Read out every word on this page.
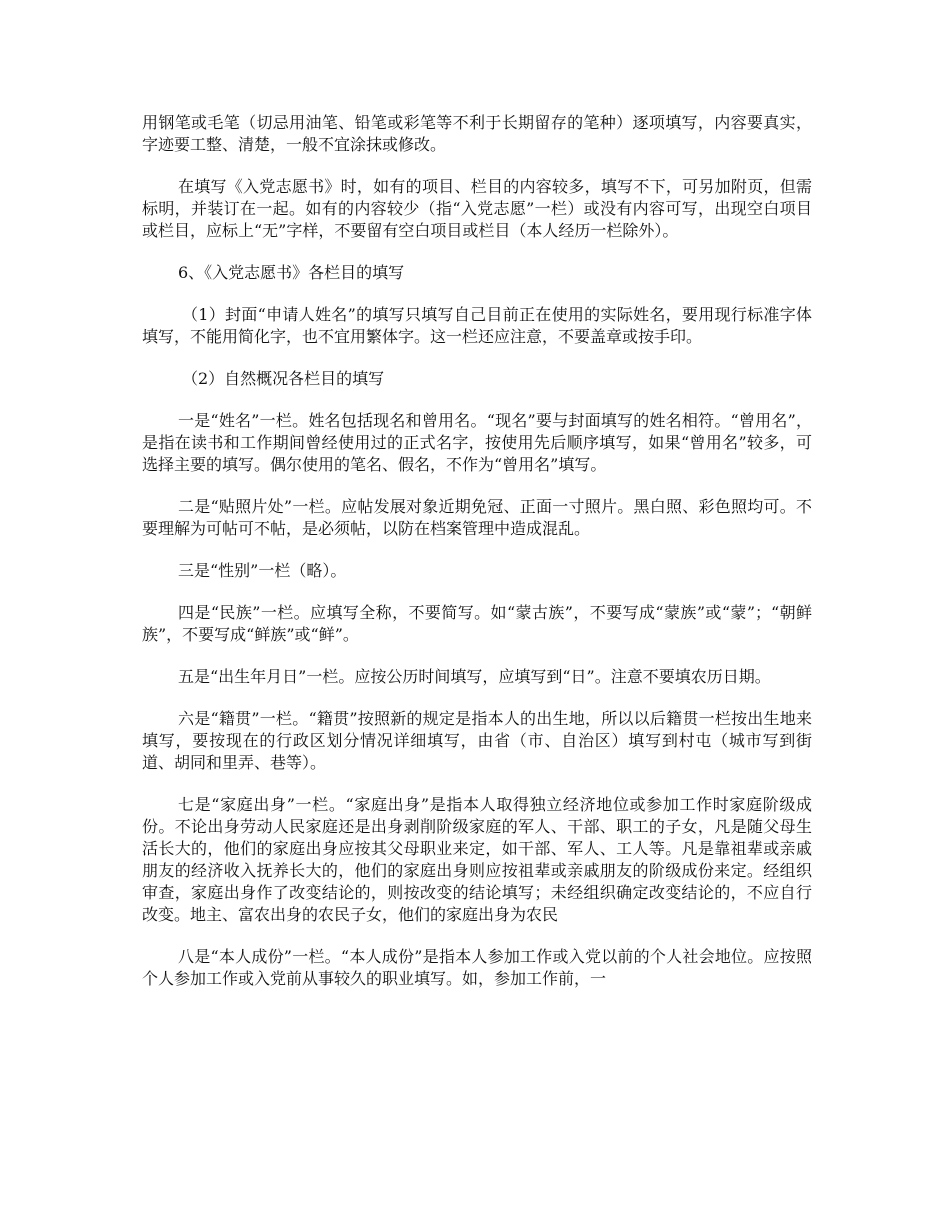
用钢笔或毛笔（切忌用油笔、铅笔或彩笔等不利于长期留存的笔种）逐项填写，内容要真实，字迹要工整、清楚，一般不宜涂抹或修改。

在填写《入党志愿书》时，如有的项目、栏目的内容较多，填写不下，可另加附页，但需标明，并装订在一起。如有的内容较少（指“入党志愿”一栏）或没有内容可写，出现空白项目或栏目，应标上“无”字样，不要留有空白项目或栏目（本人经历一栏除外）。

6、《入党志愿书》各栏目的填写

（1）封面“申请人姓名”的填写只填写自己目前正在使用的实际姓名，要用现行标准字体填写，不能用简化字，也不宜用繁体字。这一栏还应注意，不要盖章或按手印。

（2）自然概况各栏目的填写

一是“姓名”一栏。姓名包括现名和曾用名。“现名”要与封面填写的姓名相符。“曾用名”，是指在读书和工作期间曾经使用过的正式名字，按使用先后顺序填写，如果“曾用名”较多，可选择主要的填写。偶尔使用的笔名、假名，不作为“曾用名”填写。

二是“贴照片处”一栏。应帖发展对象近期免冠、正面一寸照片。黑白照、彩色照均可。不要理解为可帖可不帖，是必须帖，以防在档案管理中造成混乱。

三是“性别”一栏（略）。

四是“民族”一栏。应填写全称，不要简写。如“蒙古族”，不要写成“蒙族”或“蒙”；“朝鲜族”，不要写成“鲜族”或“鲜”。

五是“出生年月日”一栏。应按公历时间填写，应填写到“日”。注意不要填农历日期。

六是“籍贯”一栏。“籍贯”按照新的规定是指本人的出生地，所以以后籍贯一栏按出生地来填写，要按现在的行政区划分情况详细填写，由省（市、自治区）填写到村屯（城市写到街道、胡同和里弄、巷等）。

七是“家庭出身”一栏。“家庭出身”是指本人取得独立经济地位或参加工作时家庭阶级成份。不论出身劳动人民家庭还是出身剥削阶级家庭的军人、干部、职工的子女，凡是随父母生活长大的，他们的家庭出身应按其父母职业来定，如干部、军人、工人等。凡是靠祖辈或亲戚朋友的经济收入抚养长大的，他们的家庭出身则应按祖辈或亲戚朋友的阶级成份来定。经组织审查，家庭出身作了改变结论的，则按改变的结论填写；未经组织确定改变结论的，不应自行改变。地主、富农出身的农民子女，他们的家庭出身为农民

八是“本人成份”一栏。“本人成份”是指本人参加工作或入党以前的个人社会地位。应按照个人参加工作或入党前从事较久的职业填写。如，参加工作前，一
